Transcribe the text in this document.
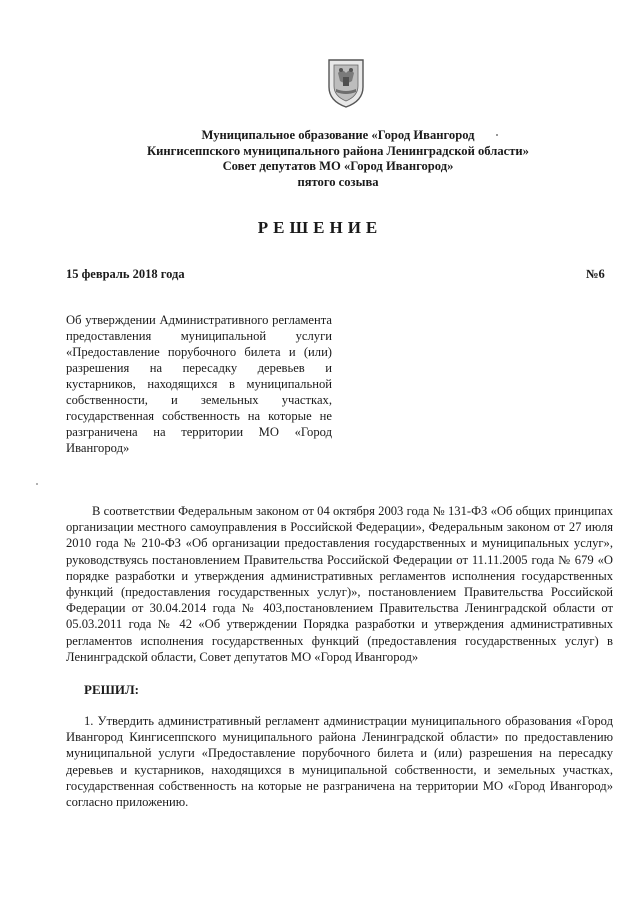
Муниципальное образование «Город Ивангород
Кингисеппского муниципального района Ленинградской области»
Совет депутатов МО «Город Ивангород»
пятого созыва
РЕШЕНИЕ
15 февраль 2018 года	№6
Об утверждении Административного регламента предоставления муниципальной услуги «Предоставление порубочного билета и (или) разрешения на пересадку деревьев и кустарников, находящихся в муниципальной собственности, и земельных участках, государственная собственность на которые не разграничена на территории МО «Город Ивангород»
В соответствии Федеральным законом от 04 октября 2003 года № 131-ФЗ «Об общих принципах организации местного самоуправления в Российской Федерации», Федеральным законом от 27 июля 2010 года № 210-ФЗ «Об организации предоставления государственных и муниципальных услуг», руководствуясь постановлением Правительства Российской Федерации от 11.11.2005 года № 679 «О порядке разработки и утверждения административных регламентов исполнения государственных функций (предоставления государственных услуг)», постановлением Правительства Российской Федерации от 30.04.2014 года № 403,постановлением Правительства Ленинградской области от 05.03.2011 года № 42 «Об утверждении Порядка разработки и утверждения административных регламентов исполнения государственных функций (предоставления государственных услуг) в Ленинградской области, Совет депутатов МО «Город Ивангород»
РЕШИЛ:
1. Утвердить административный регламент администрации муниципального образования «Город Ивангород Кингисеппского муниципального района Ленинградской области» по предоставлению муниципальной услуги «Предоставление порубочного билета и (или) разрешения на пересадку деревьев и кустарников, находящихся в муниципальной собственности, и земельных участках, государственная собственность на которые не разграничена на территории МО «Город Ивангород» согласно приложению.
